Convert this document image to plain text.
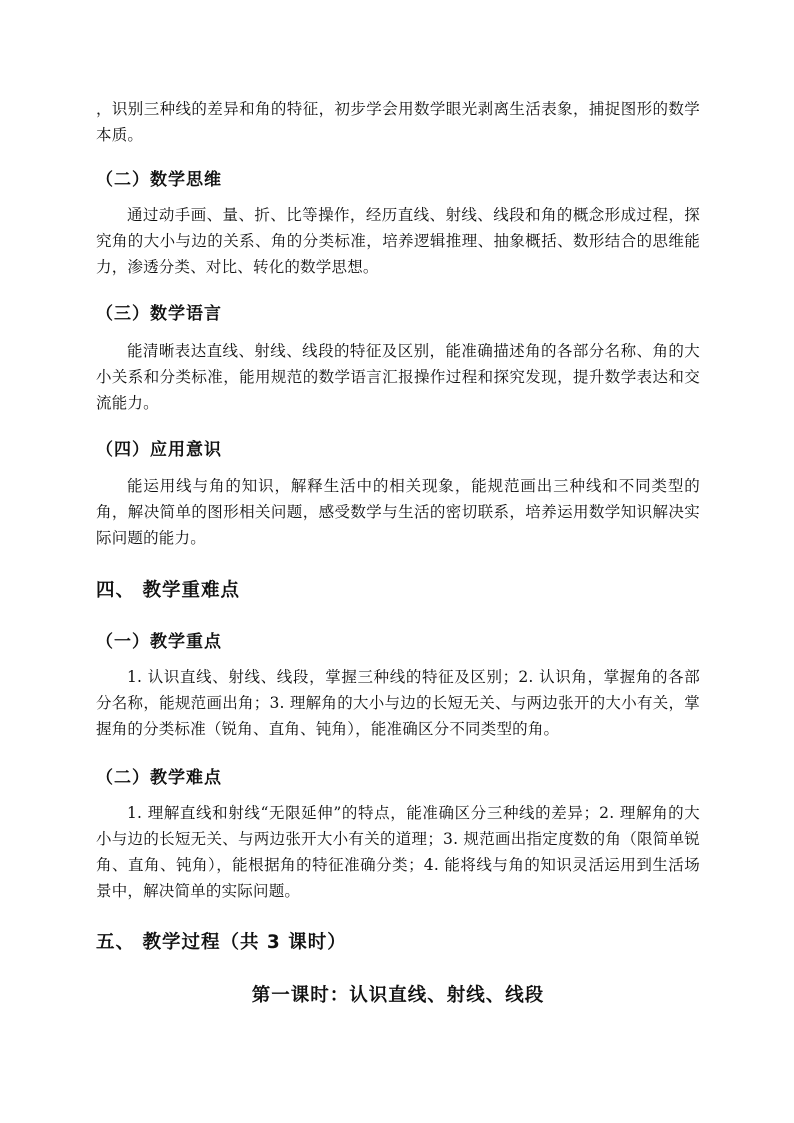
，识别三种线的差异和角的特征，初步学会用数学眼光剥离生活表象，捕捉图形的数学本质。

（二）数学思维

通过动手画、量、折、比等操作，经历直线、射线、线段和角的概念形成过程，探究角的大小与边的关系、角的分类标准，培养逻辑推理、抽象概括、数形结合的思维能力，渗透分类、对比、转化的数学思想。

（三）数学语言

能清晰表达直线、射线、线段的特征及区别，能准确描述角的各部分名称、角的大小关系和分类标准，能用规范的数学语言汇报操作过程和探究发现，提升数学表达和交流能力。

（四）应用意识

能运用线与角的知识，解释生活中的相关现象，能规范画出三种线和不同类型的角，解决简单的图形相关问题，感受数学与生活的密切联系，培养运用数学知识解决实际问题的能力。

四、 教学重难点
（一）教学重点

1. 认识直线、射线、线段，掌握三种线的特征及区别；2. 认识角，掌握角的各部分名称，能规范画出角；3. 理解角的大小与边的长短无关、与两边张开的大小有关，掌握角的分类标准（锐角、直角、钝角），能准确区分不同类型的角。

（二）教学难点

1. 理解直线和射线“无限延伸”的特点，能准确区分三种线的差异；2. 理解角的大小与边的长短无关、与两边张开大小有关的道理；3. 规范画出指定度数的角（限简单锐角、直角、钝角），能根据角的特征准确分类；4. 能将线与角的知识灵活运用到生活场景中，解决简单的实际问题。

五、 教学过程（共 3 课时）
第一课时：认识直线、射线、线段
